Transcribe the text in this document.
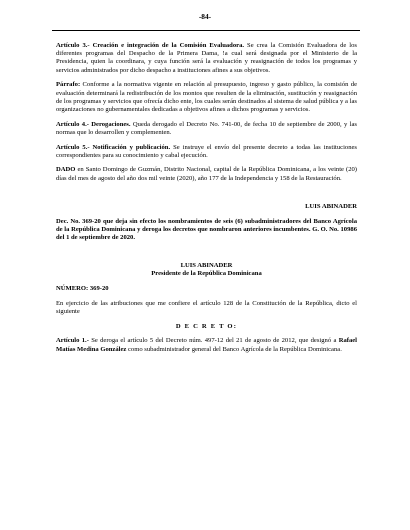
-84-

Artículo 3.- Creación e integración de la Comisión Evaluadora. Se crea la Comisión Evaluadora de los diferentes programas del Despacho de la Primera Dama, !a cual será designada por el Ministerio de la Presidencia, quien la coordinara, y cuya función será la evaluación y reasignación de todos los programas y servicios administrados por dicho despacho a instituciones afines a sus objetivos.

Párrafo: Conforme a la normativa vigente en relación al presupuesto, ingreso y gasto público, la comisión de evaluación determinará la redistribución de los montos que resulten de la eliminación, sustitución y reasignación de los programas y servicios que ofrecía dicho ente, los cuales serán destinados al sistema de salud pública y a las organizaciones no gubernamentales dedicadas a objetivos afines a dichos programas y servicios.

Artículo 4.- Derogaciones. Queda derogado el Decreto No. 741-00, de fecha 10 de septiembre de 2000, y las normas que lo desarrollen y complementen.

Artículo 5.- Notificación y publicación. Se instruye el envío del presente decreto a todas las instituciones correspondientes para su conocimiento y cabal ejecución.

DADO en Santo Domingo de Guzmán, Distrito Nacional, capital de la República Dominicana, a los veinte (20) días del mes de agosto del año dos mil veinte (2020), año 177 de la Independencia y 158 de la Restauración.

LUIS ABINADER

Dec. No. 369-20 que deja sin efecto los nombramientos de seis (6) subadministradores del Banco Agrícola de la República Dominicana y deroga los decretos que nombraron anteriores incumbentes. G. O. No. 10986 del 1 de septiembre de 2020.

LUIS ABINADER

Presidente de la República Dominicana

NÚMERO: 369-20

En ejercicio de las atribuciones que me confiere el artículo 128 de la Constitución de la República, dicto el siguiente

D E C R E T O:

Artículo 1.- Se deroga el artículo 5 del Decreto núm. 497-12 del 21 de agosto de 2012, que designó a Rafael Matías Medina González como subadministrador general del Banco Agrícola de la República Dominicana.
